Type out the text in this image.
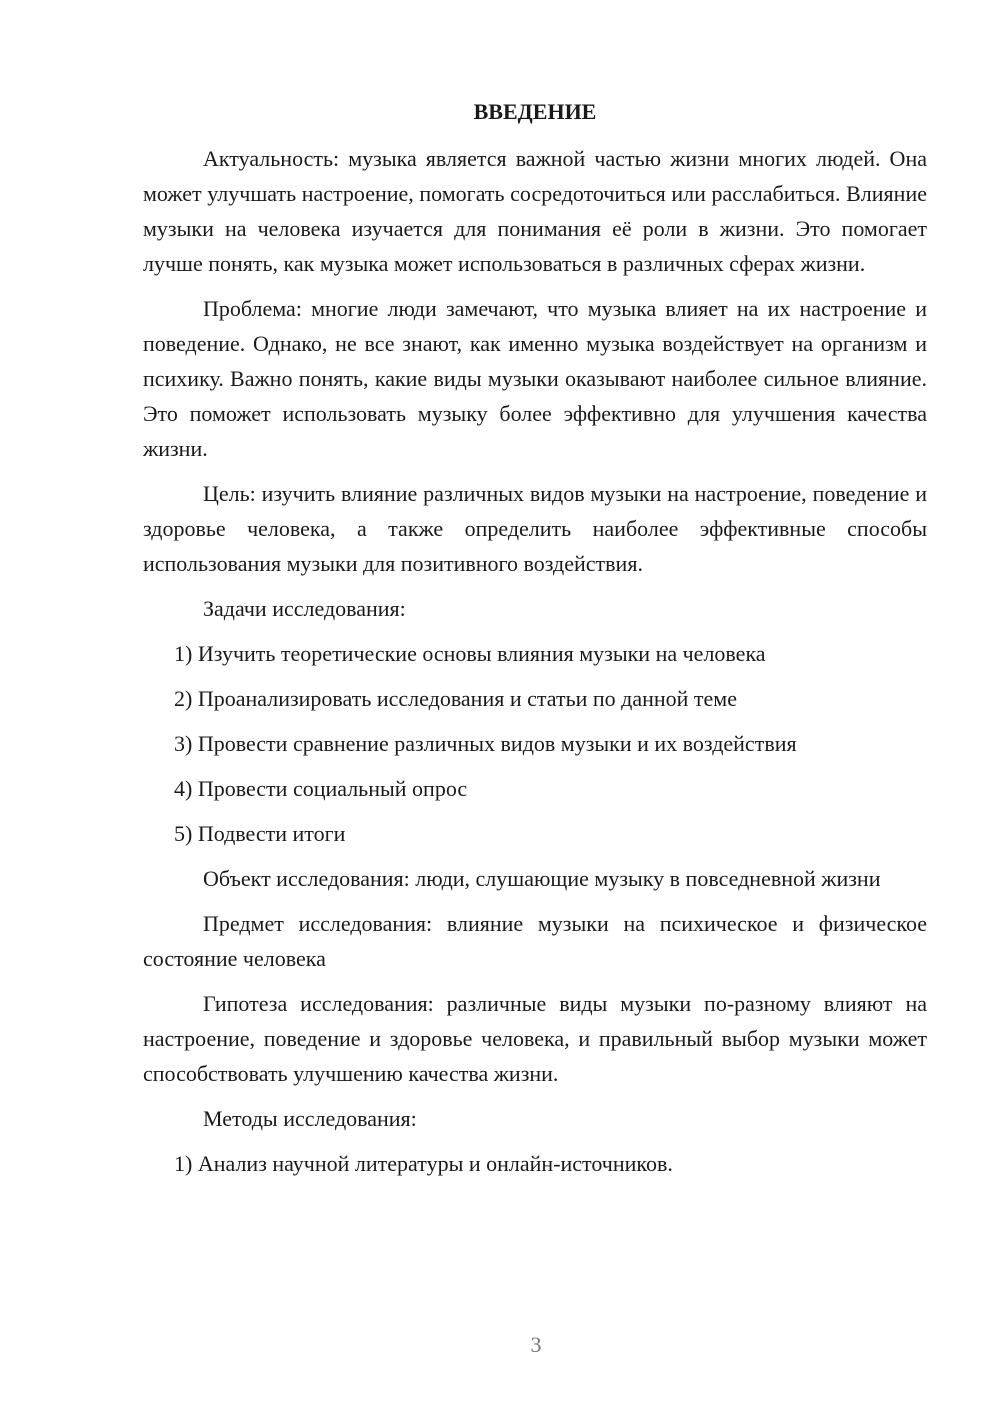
ВВЕДЕНИЕ

Актуальность: музыка является важной частью жизни многих людей. Она может улучшать настроение, помогать сосредоточиться или расслабиться. Влияние музыки на человека изучается для понимания её роли в жизни. Это помогает лучше понять, как музыка может использоваться в различных сферах жизни.

Проблема: многие люди замечают, что музыка влияет на их настроение и поведение. Однако, не все знают, как именно музыка воздействует на организм и психику. Важно понять, какие виды музыки оказывают наиболее сильное влияние. Это поможет использовать музыку более эффективно для улучшения качества жизни.

Цель: изучить влияние различных видов музыки на настроение, поведение и здоровье человека, а также определить наиболее эффективные способы использования музыки для позитивного воздействия.

Задачи исследования:

1) Изучить теоретические основы влияния музыки на человека
2) Проанализировать исследования и статьи по данной теме
3) Провести сравнение различных видов музыки и их воздействия
4) Провести социальный опрос
5) Подвести итоги

Объект исследования: люди, слушающие музыку в повседневной жизни

Предмет исследования: влияние музыки на психическое и физическое состояние человека

Гипотеза исследования: различные виды музыки по-разному влияют на настроение, поведение и здоровье человека, и правильный выбор музыки может способствовать улучшению качества жизни.

Методы исследования:

1) Анализ научной литературы и онлайн-источников.
3
